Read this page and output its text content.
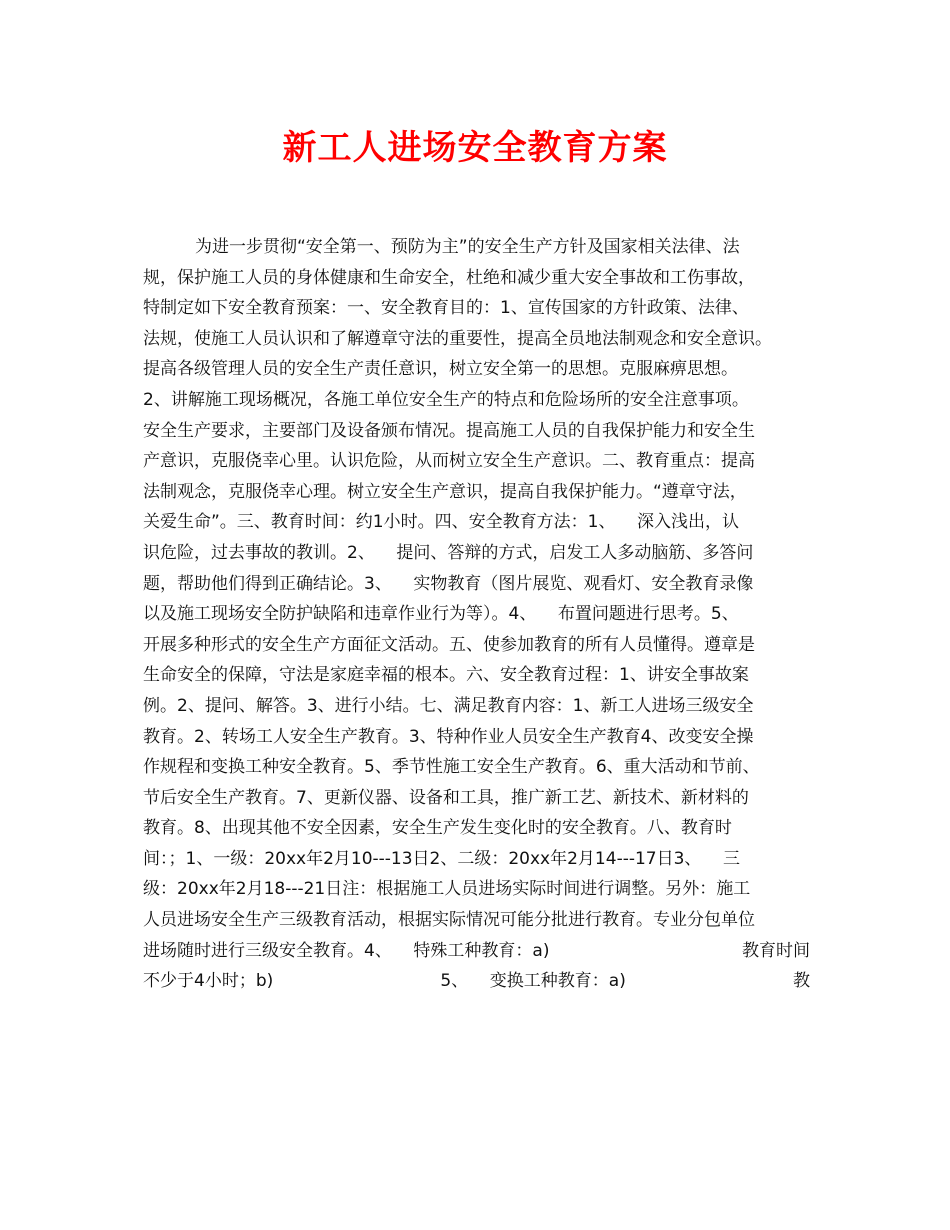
新工人进场安全教育方案
为进一步贯彻“安全第一、预防为主”的安全生产方针及国家相关法律、法
规，保护施工人员的身体健康和生命安全，杜绝和减少重大安全事故和工伤事故，
特制定如下安全教育预案：一、安全教育目的：1、宣传国家的方针政策、法律、
法规，使施工人员认识和了解遵章守法的重要性，提高全员地法制观念和安全意识。
提高各级管理人员的安全生产责任意识，树立安全第一的思想。克服麻痹思想。
2、讲解施工现场概况，各施工单位安全生产的特点和危险场所的安全注意事项。
安全生产要求，主要部门及设备颁布情况。提高施工人员的自我保护能力和安全生
产意识，克服侥幸心里。认识危险，从而树立安全生产意识。二、教育重点：提高
法制观念，克服侥幸心理。树立安全生产意识，提高自我保护能力。“遵章守法，
关爱生命”。三、教育时间：约1小时。四、安全教育方法：1、    深入浅出，认
识危险，过去事故的教训。2、    提问、答辩的方式，启发工人多动脑筋、多答问
题，帮助他们得到正确结论。3、    实物教育（图片展览、观看灯、安全教育录像
以及施工现场安全防护缺陷和违章作业行为等）。4、    布置问题进行思考。5、
开展多种形式的安全生产方面征文活动。五、使参加教育的所有人员懂得。遵章是
生命安全的保障，守法是家庭幸福的根本。六、安全教育过程：1、讲安全事故案
例。2、提问、解答。3、进行小结。七、满足教育内容：1、新工人进场三级安全
教育。2、转场工人安全生产教育。3、特种作业人员安全生产教育4、改变安全操
作规程和变换工种安全教育。5、季节性施工安全生产教育。6、重大活动和节前、
节后安全生产教育。7、更新仪器、设备和工具，推广新工艺、新技术、新材料的
教育。8、出现其他不安全因素，安全生产发生变化时的安全教育。八、教育时
间：；1、一级：20xx年2月10---13日2、二级：20xx年2月14---17日3、    三
级：20xx年2月18---21日注：根据施工人员进场实际时间进行调整。另外：施工
人员进场安全生产三级教育活动，根据实际情况可能分批进行教育。专业分包单位
进场随时进行三级安全教育。4、    特殊工种教育：a)	教育时间
不少于4小时；b)	5、    变换工种教育：a)	教
